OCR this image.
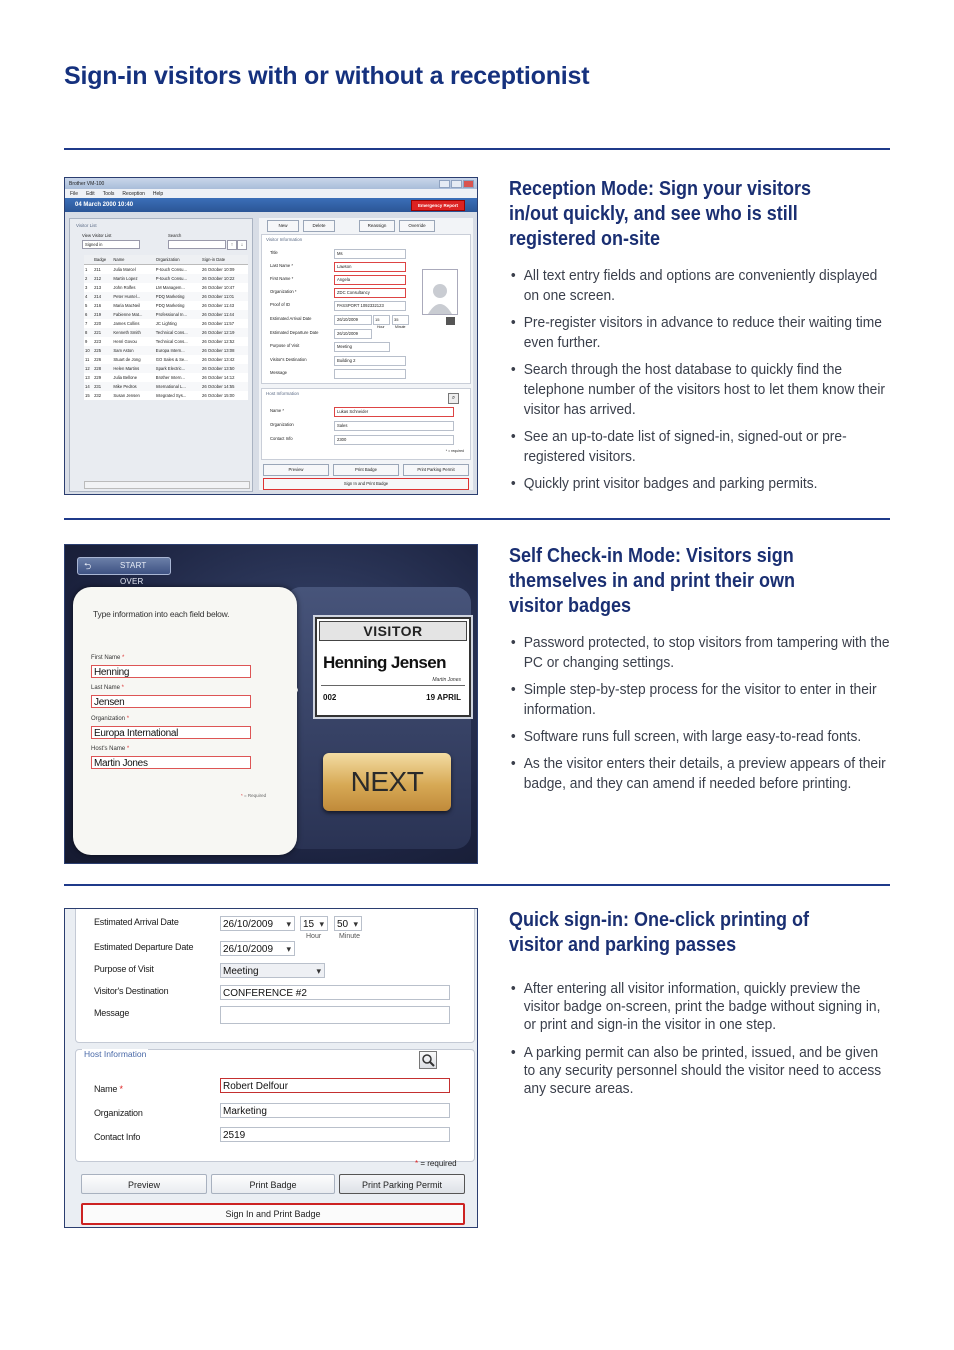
Sign-in visitors with or without a receptionist
Brother VM-100
File Edit Tools Reception Help
04 March 2000 10:40	Emergency Report
Visitor List
View Visitor List
Signed in
Search
↑	↓
	Badge	Name	Organization	Sign-in Date
1	211	Julia Marcel	P-touch Consu...	26 October 10:09
2	212	Martin Lopez	P-touch Consu...	26 October 10:22
3	213	John Rolfes	LM Managem...	26 October 10:47
4	214	Peter Huntel...	PDQ Marketing	26 October 11:01
5	216	Maria MacNeil	PDQ Marketing	26 October 11:43
6	219	Fabienne Mat...	Professional In...	26 October 11:44
7	220	James Collins	JC Lighting	26 October 11:57
8	221	Kenneth Smith	Technical Cons...	26 October 12:19
9	223	Henri Govou	Technical Cons...	26 October 12:52
10	225	Sam Aston	Europa Intern...	26 October 13:08
11	226	Stuart de Jong	GO Sales & Se...	26 October 13:42
12	228	Helen Martins	Spark Electric...	26 October 13:50
13	229	Julia Bellone	Brother Intern...	26 October 14:12
14	231	Mike Pedros	International L...	26 October 14:55
15	232	Susan Jensen	Integrated Sys...	26 October 15:00
New	Delete	Reassign	Override
Visitor Information
Title	Ms
Last Name *	Lawson
First Name *	Angela
Organization *	ZDC Consultancy
Proof of ID	PASSPORT 1092332123
Estimated Arrival Date	26/10/2009
Estimated Departure Date	26/10/2009
Purpose of Visit	Meeting
Visitor's Destination	Building 2
Message
15	35
Hour	Minute
Host Information
⌕
Name *	Lukas Schneider
Organization	Sales
Contact Info	2300
* = required
Preview	Print Badge	Print Parking Permit
Sign In and Print Badge
Reception Mode: Sign your visitors in/out quickly, and see who is still registered on-site
• All text entry fields and options are conveniently displayed on one screen.
• Pre-register visitors in advance to reduce their waiting time even further.
• Search through the host database to quickly find the telephone number of the visitors host to let them know their visitor has arrived.
• See an up-to-date list of signed-in, signed-out or pre-registered visitors.
• Quickly print visitor badges and parking permits.
⮌	START OVER
Type information into each field below.
First Name *
Henning
Last Name *
Jensen
Organization *
Europa International
Host's Name *
Martin Jones
* = Required
VISITOR
Henning Jensen
Martin Jones
002	19 APRIL
NEXT
Self Check-in Mode: Visitors sign themselves in and print their own visitor badges
• Password protected, to stop visitors from tampering with the PC or changing settings.
• Simple step-by-step process for the visitor to enter in their information.
• Software runs full screen, with large easy-to-read fonts.
• As the visitor enters their details, a preview appears of their badge, and they can amend if needed before printing.
Estimated Arrival Date	26/10/2009 ▾	15 ▾	50 ▾
Hour	Minute
Estimated Departure Date	26/10/2009 ▾
Purpose of Visit	Meeting ▾
Visitor's Destination	CONFERENCE #2
Message
Host Information
Name *	Robert Delfour
Organization	Marketing
Contact Info	2519
* = required
Preview	Print Badge	Print Parking Permit
Sign In and Print Badge
Quick sign-in: One-click printing of visitor and parking passes
• After entering all visitor information, quickly preview the visitor badge on-screen, print the badge without signing in, or print and sign-in the visitor in one step.
• A parking permit can also be printed, issued, and be given to any security personnel should the visitor need to access any secure areas.
